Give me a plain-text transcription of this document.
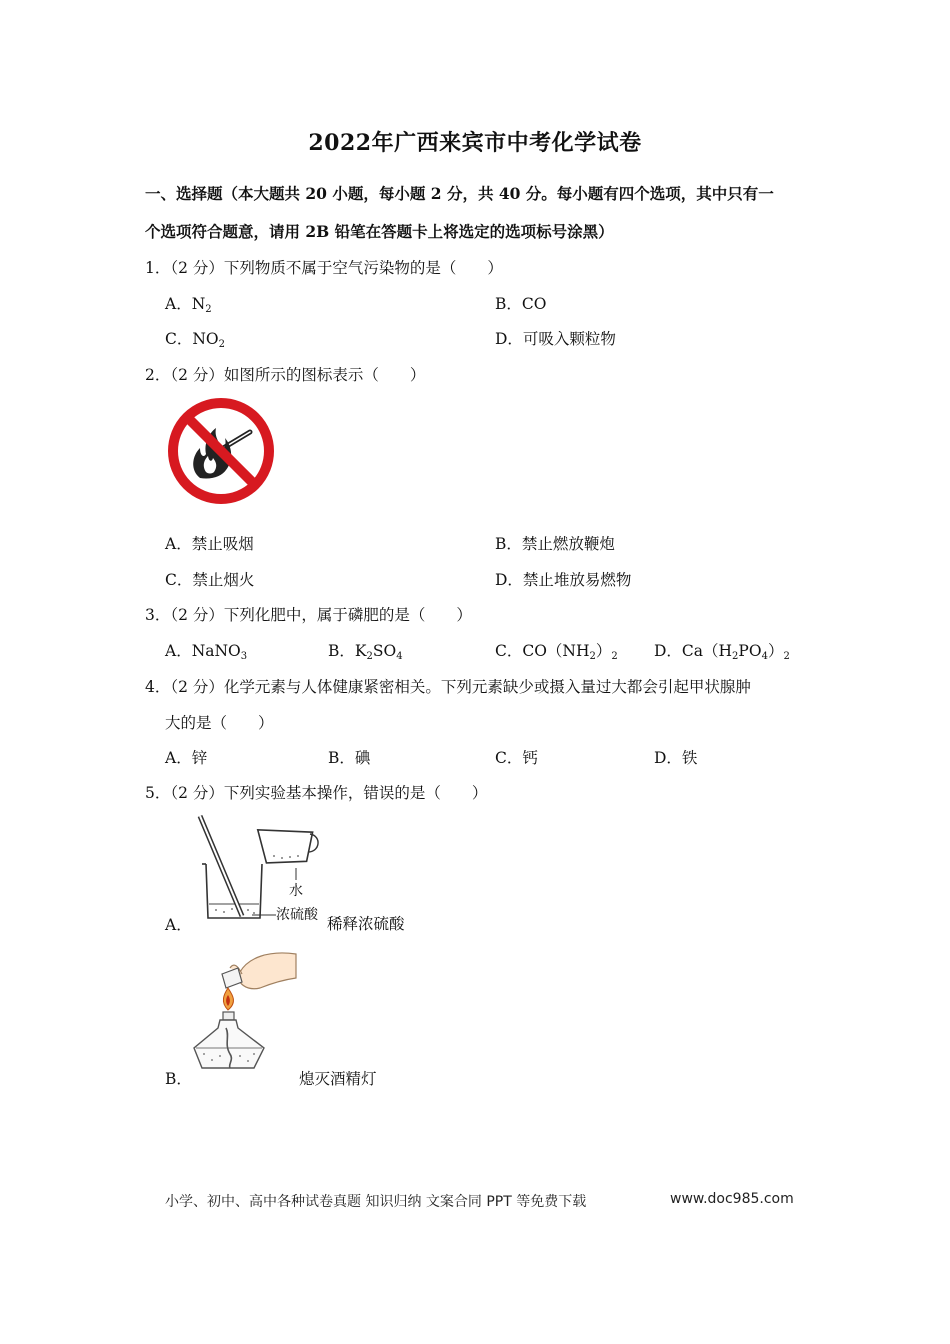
2022年广西来宾市中考化学试卷
一、选择题（本大题共 20 小题，每小题 2 分，共 40 分。每小题有四个选项，其中只有一
个选项符合题意，请用 2B 铅笔在答题卡上将选定的选项标号涂黑）
1．（2 分）下列物质不属于空气污染物的是（　　）
A．$N_2$	B．CO
C．$NO_2$	D．可吸入颗粒物
2．（2 分）如图所示的图标表示（　　）
A．禁止吸烟	B．禁止燃放鞭炮
C．禁止烟火	D．禁止堆放易燃物
3．（2 分）下列化肥中，属于磷肥的是（　　）
A．NaNO$_3$	B．$K_2SO_4$	C．$CO(NH_2)_2$ D．$Ca(H_2PO_4)_2$
4．（2 分）化学元素与人体健康紧密相关。下列元素缺少或摄入量过大都会引起甲状腺肿
大的是（　　）
A．锌	B．碘	C．钙	D．铁
5．（2 分）下列实验基本操作，错误的是（　　）
水
浓硫酸
A．	稀释浓硫酸
B．	熄灭酒精灯
小学、初中、高中各种试卷真题 知识归纳 文案合同 PPT 等免费下载	www.doc985.com
